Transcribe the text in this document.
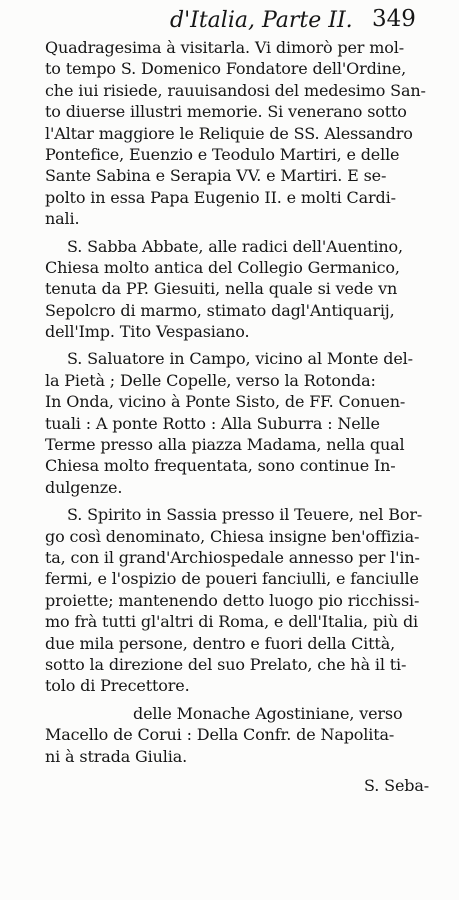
d'Italia, Parte II. 349
Quadragesima à visitarla. Vi dimorò per mol-
to tempo S. Domenico Fondatore dell'Ordine,
che iui risiede, rauuisandosi del medesimo San-
to diuerse illustri memorie. Si venerano sotto
l'Altar maggiore le Reliquie de SS. Alessandro
Pontefice, Euenzio e Teodulo Martiri, e delle
Sante Sabina e Serapia VV. e Martiri. E se-
polto in essa Papa Eugenio II. e molti Cardi-
nali.
S. Sabba Abbate, alle radici dell'Auentino,
Chiesa molto antica del Collegio Germanico,
tenuta da PP. Giesuiti, nella quale si vede vn
Sepolcro di marmo, stimato dagl'Antiquarij,
dell'Imp. Tito Vespasiano.
S. Saluatore in Campo, vicino al Monte del-
la Pietà ; Delle Copelle, verso la Rotonda:
In Onda, vicino à Ponte Sisto, de FF. Conuen-
tuali : A ponte Rotto : Alla Suburra : Nelle
Terme presso alla piazza Madama, nella qual
Chiesa molto frequentata, sono continue In-
dulgenze.
S. Spirito in Sassia presso il Teuere, nel Bor-
go così denominato, Chiesa insigne ben'offizia-
ta, con il grand'Archiospedale annesso per l'in-
fermi, e l'ospizio de poueri fanciulli, e fanciulle
proiette; mantenendo detto luogo pio ricchissi-
mo frà tutti gl'altri di Roma, e dell'Italia, più di
due mila persone, dentro e fuori della Città,
sotto la direzione del suo Prelato, che hà il ti-
tolo di Precettore.
delle Monache Agostiniane, verso
Macello de Corui : Della Confr. de Napolita-
ni à strada Giulia.
S. Seba-
